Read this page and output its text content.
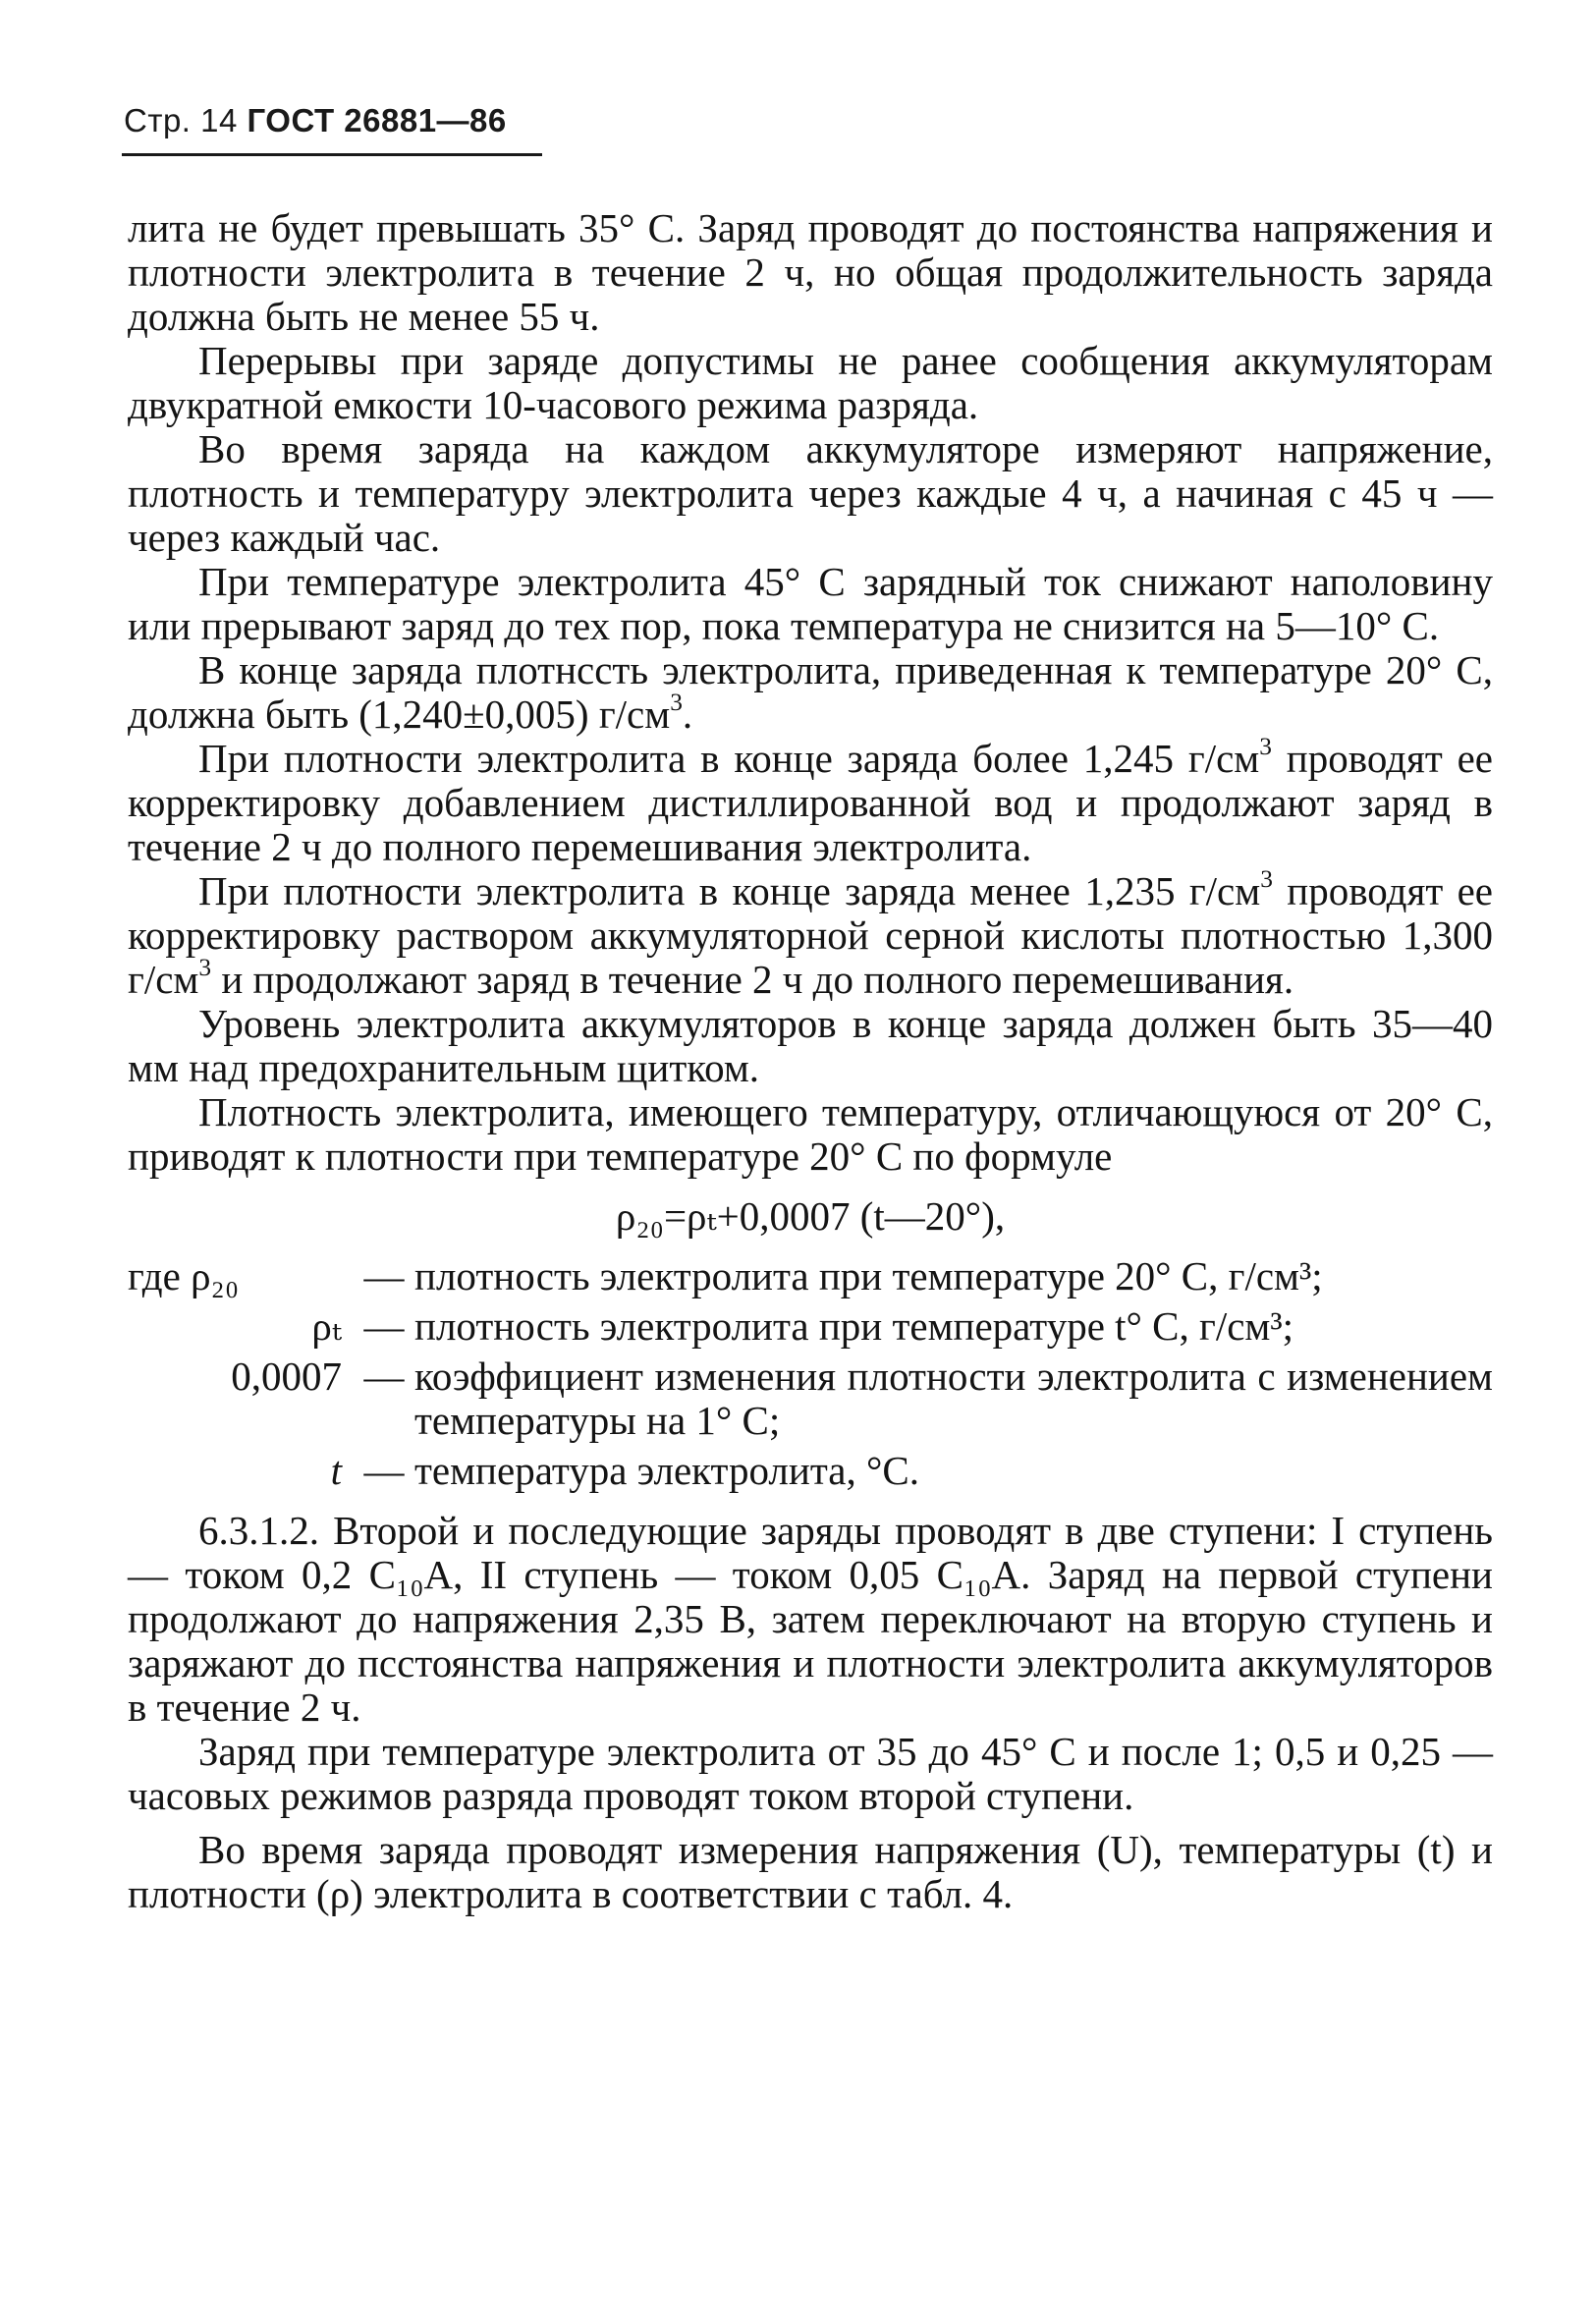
Стр. 14 ГОСТ 26881—86

лита не будет превышать 35° С. Заряд проводят до постоянства напряжения и плотности электролита в течение 2 ч, но общая продолжительность заряда должна быть не менее 55 ч.

Перерывы при заряде допустимы не ранее сообщения аккумуляторам двукратной емкости 10-часового режима разряда.

Во время заряда на каждом аккумуляторе измеряют напряжение, плотность и температуру электролита через каждые 4 ч, а начиная с 45 ч — через каждый час.

При температуре электролита 45° С зарядный ток снижают наполовину или прерывают заряд до тех пор, пока температура не снизится на 5—10° С.

В конце заряда плотнсcть электролита, приведенная к температуре 20° С, должна быть (1,240±0,005) $г/см^3$.

При плотности электролита в конце заряда более 1,245 $г/см^3$ проводят ее корректировку добавлением дистиллированной вод и продолжают заряд в течение 2 ч до полного перемешивания электролита.

При плотности электролита в конце заряда менее 1,235 $г/см^3$ проводят ее корректировку раствором аккумуляторной серной кислоты плотностью 1,300 $г/см^3$ и продолжают заряд в течение 2 ч до полного перемешивания.

Уровень электролита аккумуляторов в конце заряда должен быть 35—40 мм над предохранительным щитком.

Плотность электролита, имеющего температуру, отличающуюся от 20° С, приводят к плотности при температуре 20° С по формуле

ρ₂₀=ρₜ+0,0007 (t—20°),
где ρ₂₀	— плотность электролита при температуре 20° С, г/см³;
ρₜ — плотность электролита при температуре t° С, г/см³;
0,0007 — коэффициент изменения плотности электролита с изменением температуры на 1° С;
t — температура электролита, °С.

6.3.1.2. Второй и последующие заряды проводят в две ступени: I ступень — током 0,2 C₁₀A, II ступень — током 0,05 C₁₀A. Заряд на первой ступени продолжают до напряжения 2,35 В, затем переключают на вторую ступень и заряжают до пcстоянства напряжения и плотности электролита аккумуляторов в течение 2 ч.

Заряд при температуре электролита от 35 до 45° С и после 1; 0,5 и 0,25 — часовых режимов разряда проводят током второй ступени.

Во время заряда проводят измерения напряжения (U), температуры (t) и плотности (ρ) электролита в соответствии с табл. 4.
